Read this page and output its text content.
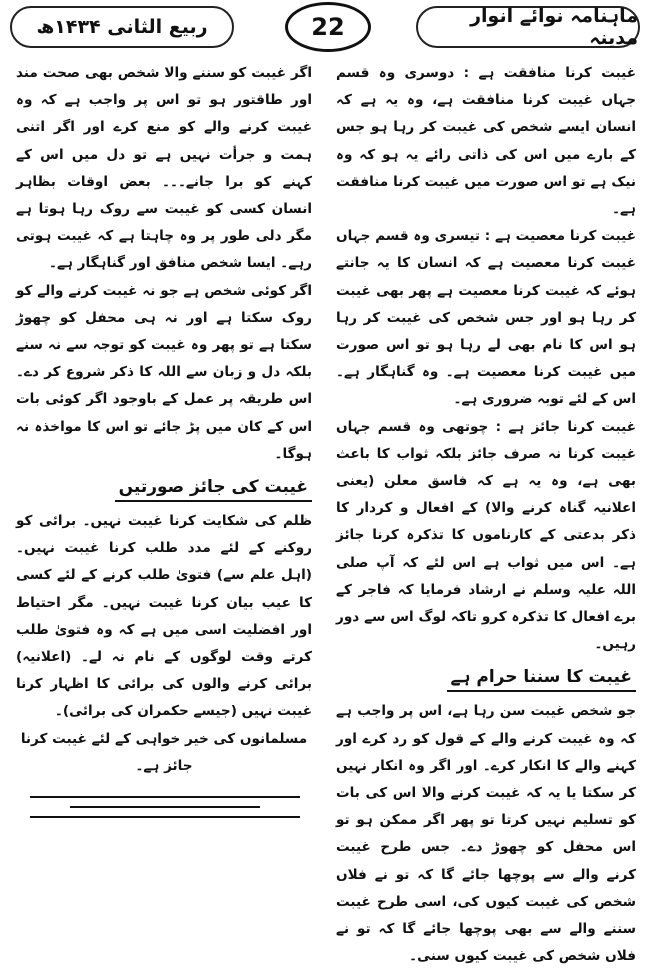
ربیع الثانی ۱۴۳۴ھ	22	ماہنامہ نوائے انوار مدینہ

غیبت کرنا منافقت ہے : دوسری وہ قسم جہاں غیبت کرنا منافقت ہے، وہ یہ ہے کہ انسان ایسے شخص کی غیبت کر رہا ہو جس کے بارے میں اس کی ذاتی رائے یہ ہو کہ وہ نیک ہے تو اس صورت میں غیبت کرنا منافقت ہے۔

غیبت کرنا معصیت ہے : تیسری وہ قسم جہاں غیبت کرنا معصیت ہے کہ انسان کا یہ جانتے ہوئے کہ غیبت کرنا معصیت ہے پھر بھی غیبت کر رہا ہو اور جس شخص کی غیبت کر رہا ہو اس کا نام بھی لے رہا ہو تو اس صورت میں غیبت کرنا معصیت ہے۔ وہ گناہگار ہے۔ اس کے لئے توبہ ضروری ہے۔

غیبت کرنا جائز ہے : چوتھی وہ قسم جہاں غیبت کرنا نہ صرف جائز بلکہ ثواب کا باعث بھی ہے، وہ یہ ہے کہ فاسق معلن (یعنی اعلانیہ گناہ کرنے والا) کے افعال و کردار کا ذکر بدعتی کے کارناموں کا تذکرہ کرنا جائز ہے۔ اس میں ثواب ہے اس لئے کہ آپ صلی اللہ علیہ وسلم نے ارشاد فرمایا کہ فاجر کے برے افعال کا تذکرہ کرو تاکہ لوگ اس سے دور رہیں۔

غیبت کا سننا حرام ہے

جو شخص غیبت سن رہا ہے، اس پر واجب ہے کہ وہ غیبت کرنے والے کے قول کو رد کرے اور کہنے والے کا انکار کرے۔ اور اگر وہ انکار نہیں کر سکتا یا یہ کہ غیبت کرنے والا اس کی بات کو تسلیم نہیں کرتا تو پھر اگر ممکن ہو تو اس محفل کو چھوڑ دے۔ جس طرح غیبت کرنے والے سے پوچھا جائے گا کہ تو نے فلاں شخص کی غیبت کیوں کی، اسی طرح غیبت سننے والے سے بھی پوچھا جائے گا کہ تو نے فلاں شخص کی غیبت کیوں سنی۔

اگر غیبت کو سننے والا شخص بھی صحت مند اور طاقتور ہو تو اس پر واجب ہے کہ وہ غیبت کرنے والے کو منع کرے اور اگر اتنی ہمت و جرأت نہیں ہے تو دل میں اس کے کہنے کو برا جانے۔۔۔ بعض اوقات بظاہر انسان کسی کو غیبت سے روک رہا ہوتا ہے مگر دلی طور پر وہ چاہتا ہے کہ غیبت ہوتی رہے۔ ایسا شخص منافق اور گناہگار ہے۔

اگر کوئی شخص ہے جو نہ غیبت کرنے والے کو روک سکتا ہے اور نہ ہی محفل کو چھوڑ سکتا ہے تو پھر وہ غیبت کو توجہ سے نہ سنے بلکہ دل و زبان سے اللہ کا ذکر شروع کر دے۔ اس طریقہ پر عمل کے باوجود اگر کوئی بات اس کے کان میں پڑ جائے تو اس کا مواخذہ نہ ہوگا۔

غیبت کی جائز صورتیں

ظلم کی شکایت کرنا غیبت نہیں۔ برائی کو روکنے کے لئے مدد طلب کرنا غیبت نہیں۔ (اہل علم سے) فتویٰ طلب کرنے کے لئے کسی کا عیب بیان کرنا غیبت نہیں۔ مگر احتیاط اور افضلیت اسی میں ہے کہ وہ فتویٰ طلب کرتے وقت لوگوں کے نام نہ لے۔ (اعلانیہ) برائی کرنے والوں کی برائی کا اظہار کرنا غیبت نہیں (جیسے حکمران کی برائی)۔

مسلمانوں کی خیر خواہی کے لئے غیبت کرنا جائز ہے۔
